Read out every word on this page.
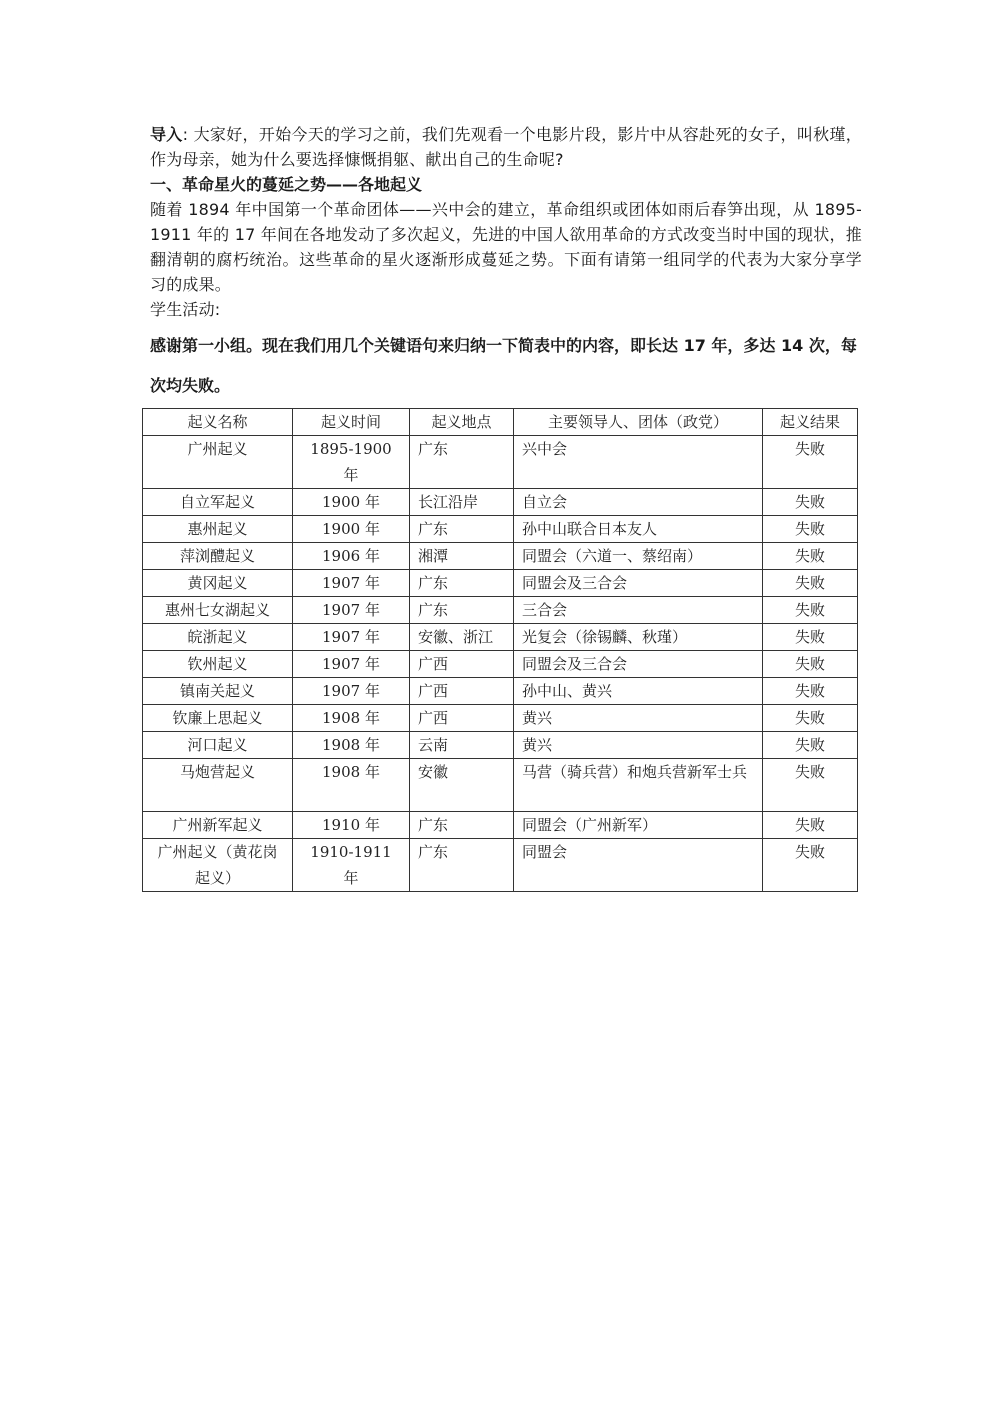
导入: 大家好，开始今天的学习之前，我们先观看一个电影片段，影片中从容赴死的女子，叫秋瑾，作为母亲，她为什么要选择慷慨捐躯、献出自己的生命呢?

一、革命星火的蔓延之势——各地起义

随着 1894 年中国第一个革命团体——兴中会的建立，革命组织或团体如雨后春笋出现，从 1895-1911 年的 17 年间在各地发动了多次起义，先进的中国人欲用革命的方式改变当时中国的现状，推翻清朝的腐朽统治。这些革命的星火逐渐形成蔓延之势。下面有请第一组同学的代表为大家分享学习的成果。

学生活动:

感谢第一小组。现在我们用几个关键语句来归纳一下简表中的内容，即长达 17 年，多达 14 次，每次均失败。

起义名称	起义时间	起义地点	主要领导人、团体（政党）	起义结果
广州起义	1895-1900 年	广东	兴中会	失败
自立军起义	1900 年	长江沿岸	自立会	失败
惠州起义	1900 年	广东	孙中山联合日本友人	失败
萍浏醴起义	1906 年	湘潭	同盟会（六道一、蔡绍南）	失败
黄冈起义	1907 年	广东	同盟会及三合会	失败
惠州七女湖起义	1907 年	广东	三合会	失败
皖浙起义	1907 年	安徽、浙江	光复会（徐锡麟、秋瑾）	失败
钦州起义	1907 年	广西	同盟会及三合会	失败
镇南关起义	1907 年	广西	孙中山、黄兴	失败
钦廉上思起义	1908 年	广西	黄兴	失败
河口起义	1908 年	云南	黄兴	失败
马炮营起义	1908 年	安徽	马营（骑兵营）和炮兵营新军士兵	失败
广州新军起义	1910 年	广东	同盟会（广州新军）	失败
广州起义（黄花岗起义）	1910-1911 年	广东	同盟会	失败
